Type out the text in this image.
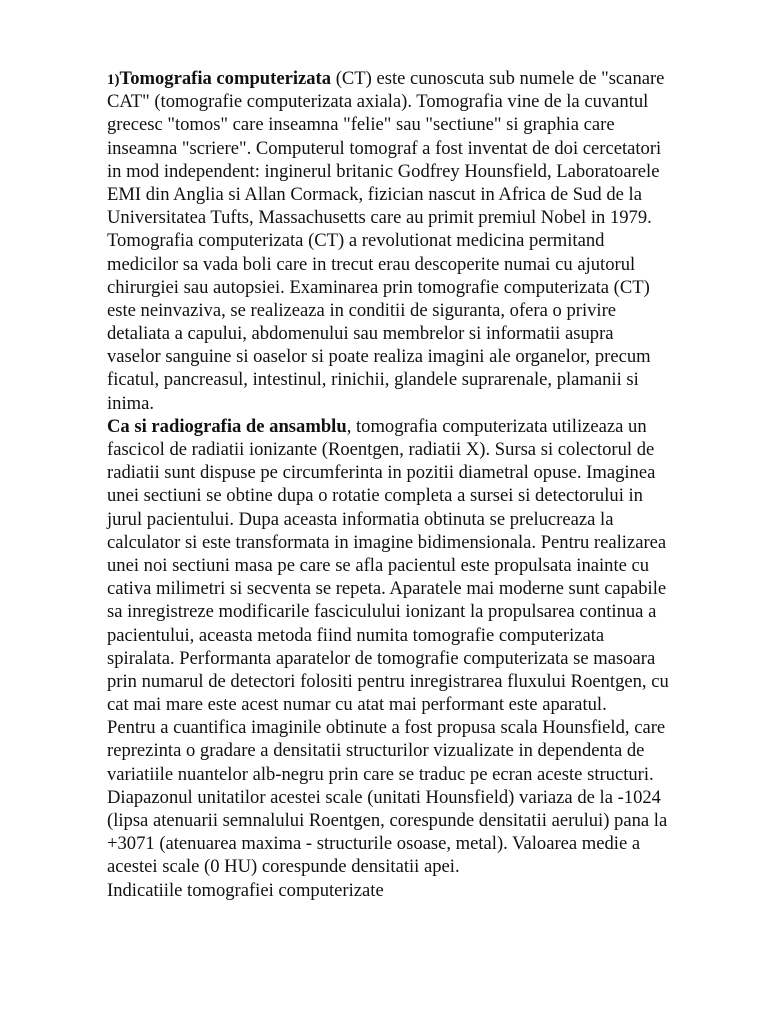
1)Tomografia computerizata (CT) este cunoscuta sub numele de "scanare
CAT" (tomografie computerizata axiala). Tomografia vine de la cuvantul
grecesc "tomos" care inseamna "felie" sau "sectiune" si graphia care
inseamna "scriere". Computerul tomograf a fost inventat de doi cercetatori
in mod independent: inginerul britanic Godfrey Hounsfield, Laboratoarele
EMI din Anglia si Allan Cormack, fizician nascut in Africa de Sud de la
Universitatea Tufts, Massachusetts care au primit premiul Nobel in 1979.
Tomografia computerizata (CT) a revolutionat medicina permitand
medicilor sa vada boli care in trecut erau descoperite numai cu ajutorul
chirurgiei sau autopsiei. Examinarea prin tomografie computerizata (CT)
este neinvaziva, se realizeaza in conditii de siguranta, ofera o privire
detaliata a capului, abdomenului sau membrelor si informatii asupra
vaselor sanguine si oaselor si poate realiza imagini ale organelor, precum
ficatul, pancreasul, intestinul, rinichii, glandele suprarenale, plamanii si
inima.
Ca si radiografia de ansamblu, tomografia computerizata utilizeaza un
fascicol de radiatii ionizante (Roentgen, radiatii X). Sursa si colectorul de
radiatii sunt dispuse pe circumferinta in pozitii diametral opuse. Imaginea
unei sectiuni se obtine dupa o rotatie completa a sursei si detectorului in
jurul pacientului. Dupa aceasta informatia obtinuta se prelucreaza la
calculator si este transformata in imagine bidimensionala. Pentru realizarea
unei noi sectiuni masa pe care se afla pacientul este propulsata inainte cu
cativa milimetri si secventa se repeta. Aparatele mai moderne sunt capabile
sa inregistreze modificarile fasciculului ionizant la propulsarea continua a
pacientului, aceasta metoda fiind numita tomografie computerizata
spiralata. Performanta aparatelor de tomografie computerizata se masoara
prin numarul de detectori folositi pentru inregistrarea fluxului Roentgen, cu
cat mai mare este acest numar cu atat mai performant este aparatul.
Pentru a cuantifica imaginile obtinute a fost propusa scala Hounsfield, care
reprezinta o gradare a densitatii structurilor vizualizate in dependenta de
variatiile nuantelor alb-negru prin care se traduc pe ecran aceste structuri.
Diapazonul unitatilor acestei scale (unitati Hounsfield) variaza de la -1024
(lipsa atenuarii semnalului Roentgen, corespunde densitatii aerului) pana la
+3071 (atenuarea maxima - structurile osoase, metal). Valoarea medie a
acestei scale (0 HU) corespunde densitatii apei.
Indicatiile tomografiei computerizate
